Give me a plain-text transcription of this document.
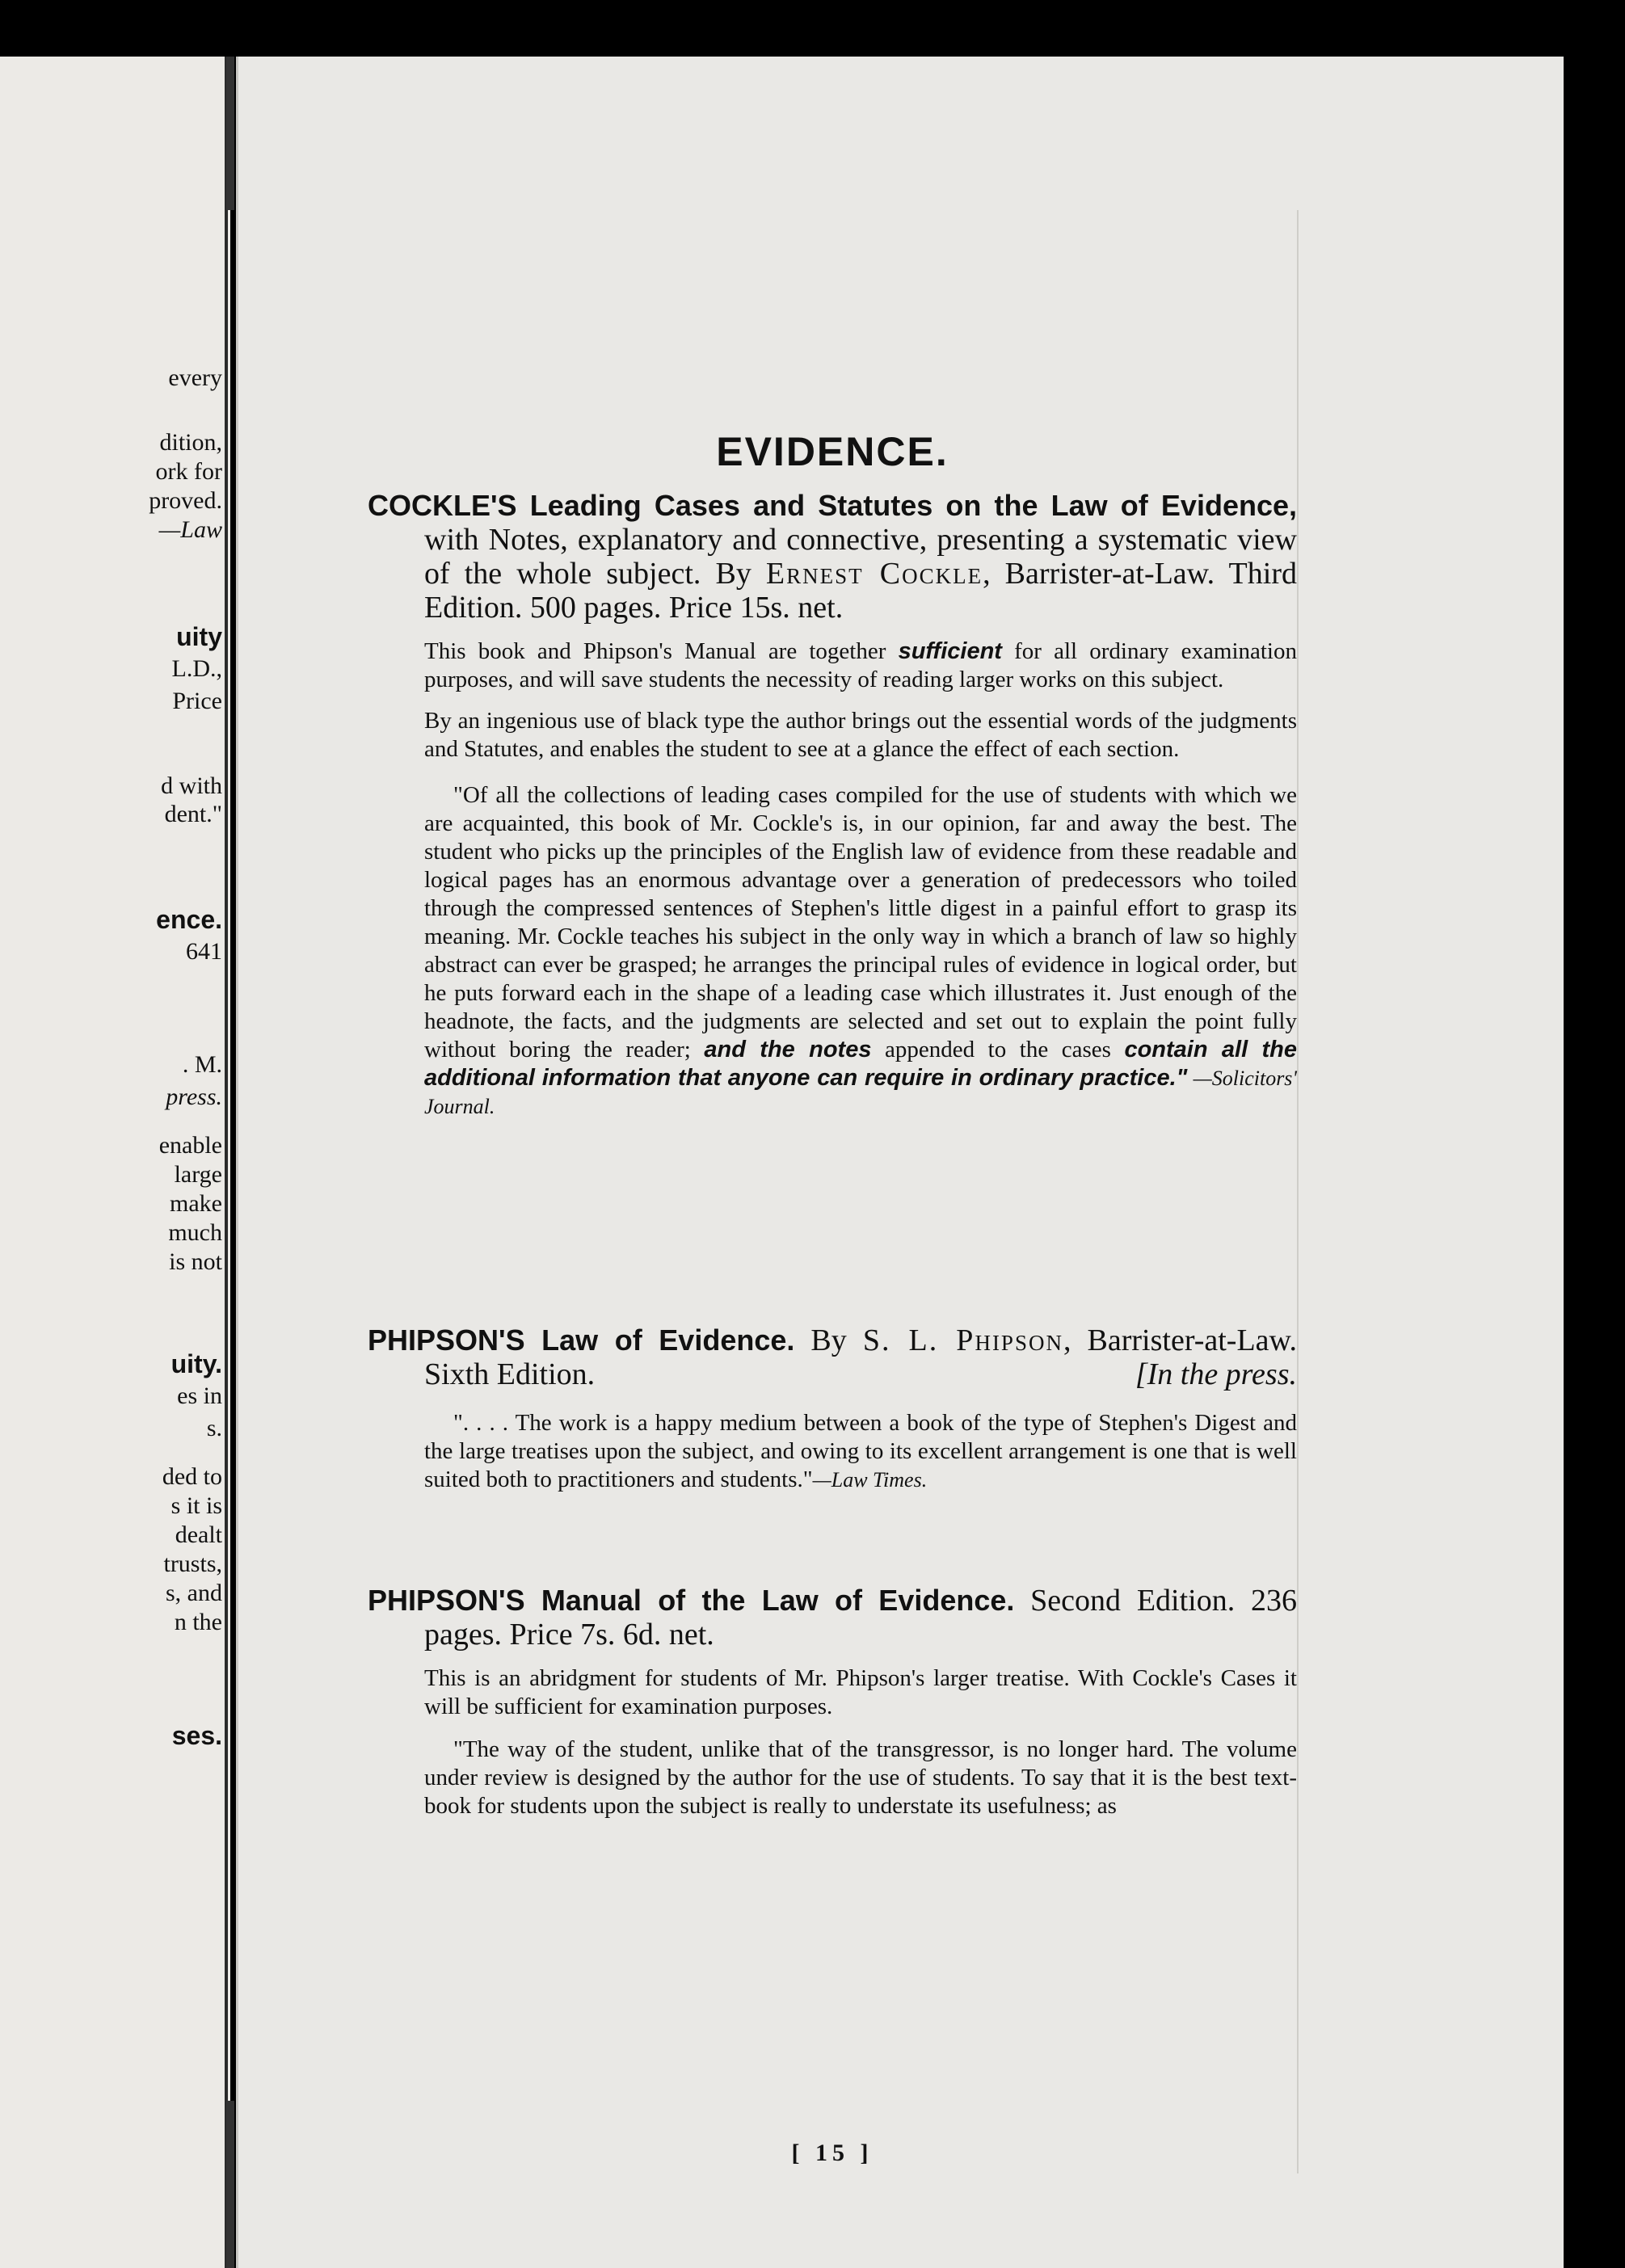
every
dition,
ork for
proved.
—Law
uity
L.D.,
Price
d with
dent."
ence.
641
. M.
press.
enable
large
make
much
is not
uity.
es in
s.
ded to
s it is
dealt
trusts,
s, and
n the
ses.
EVIDENCE.
COCKLE'S Leading Cases and Statutes on the Law of Evidence, with Notes, explanatory and connective, presenting a systematic view of the whole subject. By Ernest Cockle, Barrister-at-Law. Third Edition. 500 pages. Price 15s. net.
This book and Phipson's Manual are together sufficient for all ordinary examination purposes, and will save students the necessity of reading larger works on this subject.
By an ingenious use of black type the author brings out the essential words of the judgments and Statutes, and enables the student to see at a glance the effect of each section.
"Of all the collections of leading cases compiled for the use of students with which we are acquainted, this book of Mr. Cockle's is, in our opinion, far and away the best. The student who picks up the principles of the English law of evidence from these readable and logical pages has an enormous advantage over a generation of predecessors who toiled through the compressed sentences of Stephen's little digest in a painful effort to grasp its meaning. Mr. Cockle teaches his subject in the only way in which a branch of law so highly abstract can ever be grasped; he arranges the principal rules of evidence in logical order, but he puts forward each in the shape of a leading case which illustrates it. Just enough of the headnote, the facts, and the judgments are selected and set out to explain the point fully without boring the reader; and the notes appended to the cases contain all the additional information that anyone can require in ordinary practice." —Solicitors' Journal.
PHIPSON'S Law of Evidence. By S. L. Phipson, Barrister-at-Law. Sixth Edition.	[In the press.
". . . . The work is a happy medium between a book of the type of Stephen's Digest and the large treatises upon the subject, and owing to its excellent arrangement is one that is well suited both to practitioners and students."—Law Times.
PHIPSON'S Manual of the Law of Evidence. Second Edition. 236 pages. Price 7s. 6d. net.
This is an abridgment for students of Mr. Phipson's larger treatise. With Cockle's Cases it will be sufficient for examination purposes.
"The way of the student, unlike that of the transgressor, is no longer hard. The volume under review is designed by the author for the use of students. To say that it is the best text-book for students upon the subject is really to understate its usefulness; as
[ 15 ]
